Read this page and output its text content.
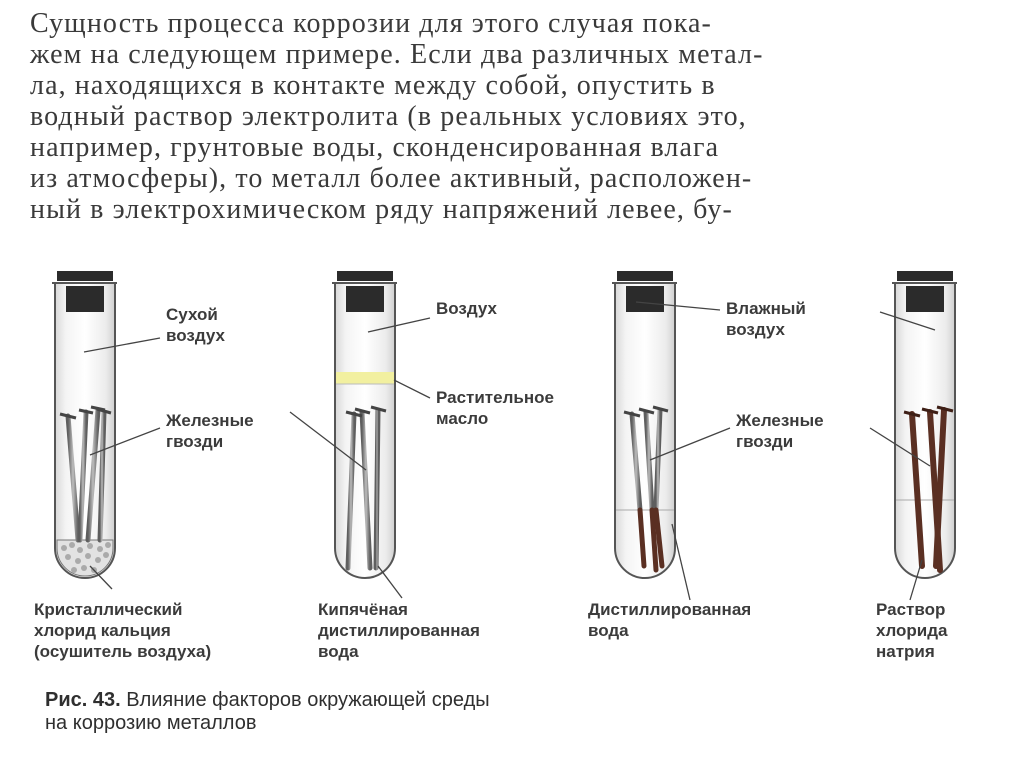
Сущность процесса коррозии для этого случая пока-
жем на следующем примере. Если два различных метал-
ла, находящихся в контакте между собой, опустить в
водный раствор электролита (в реальных условиях это,
например, грунтовые воды, сконденсированная влага
из атмосферы), то металл более активный, расположен-
ный в электрохимическом ряду напряжений левее, бу-
Сухой
воздух
Железные
гвозди
Кристаллический
хлорид кальция
(осушитель воздуха)
Воздух
Растительное
масло
Кипячёная
дистиллированная
вода
Влажный
воздух
Железные
гвозди
Дистиллированная
вода
Раствор
хлорида
натрия
Рис. 43. Влияние факторов окружающей среды
на коррозию металлов
